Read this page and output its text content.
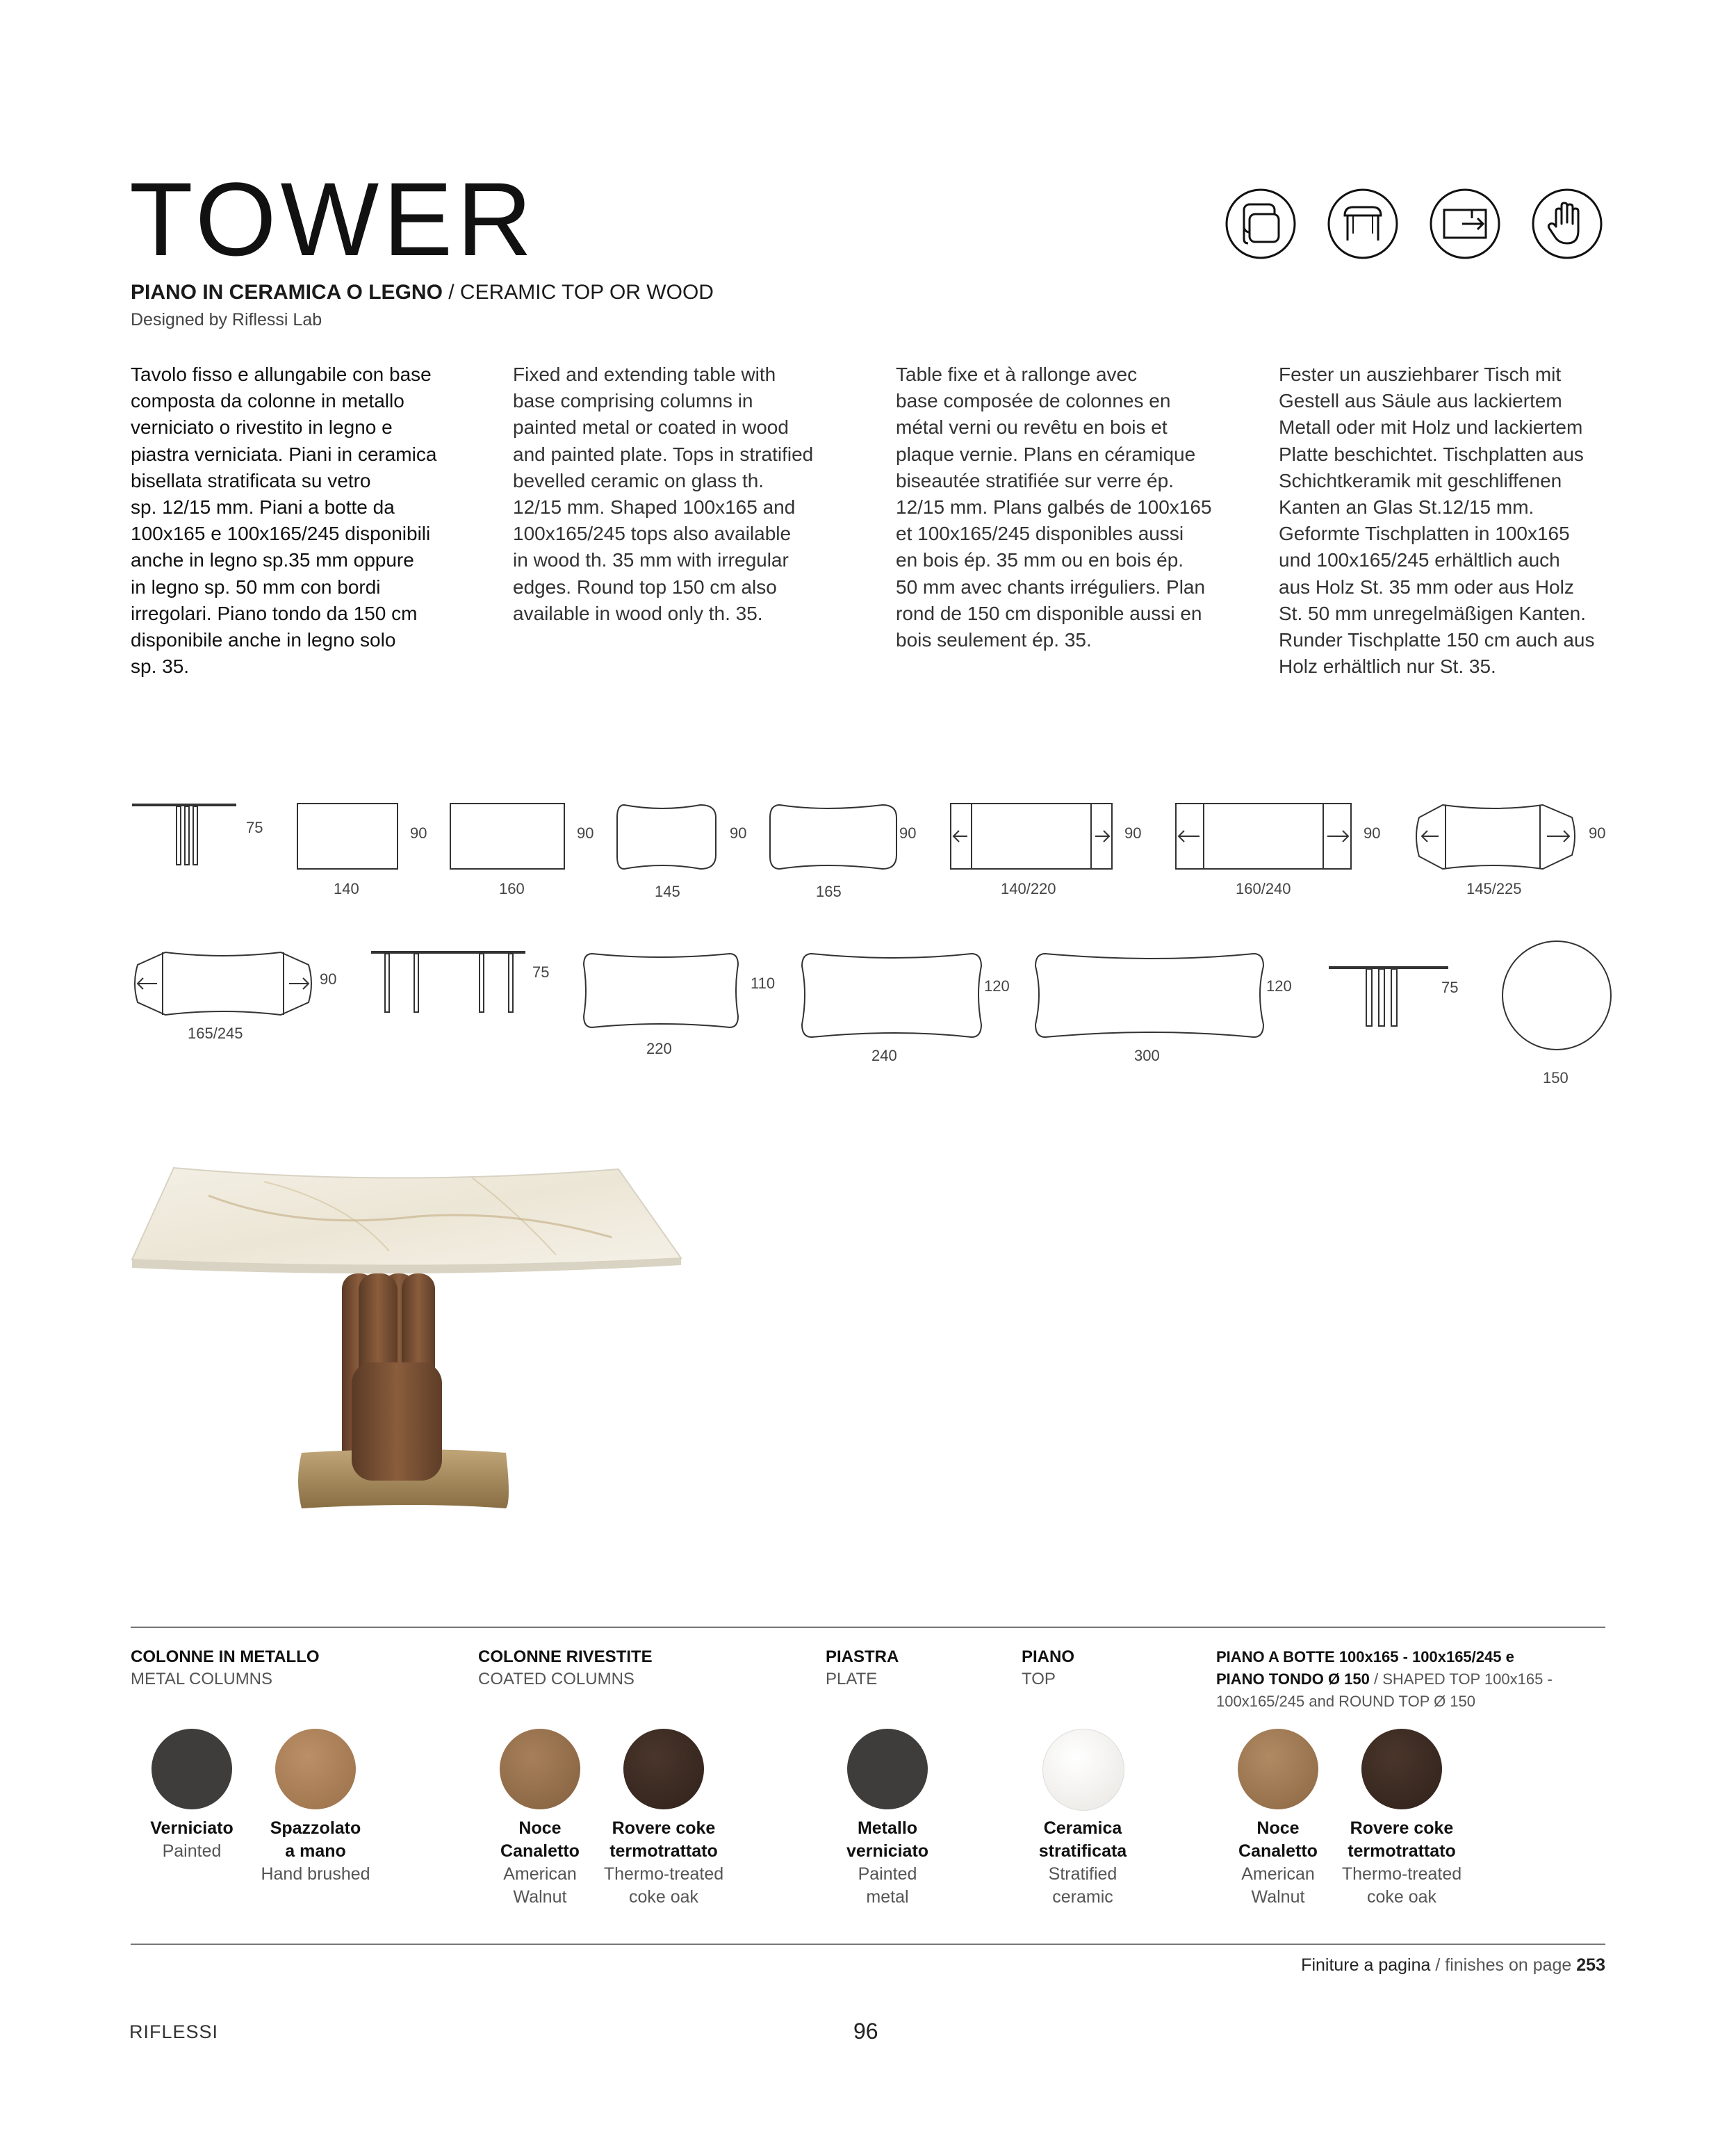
TOWER
PIANO IN CERAMICA O LEGNO / CERAMIC TOP OR WOOD
Designed by Riflessi Lab
Tavolo fisso e allungabile con base
composta da colonne in metallo
verniciato o rivestito in legno e
piastra verniciata. Piani in ceramica
bisellata stratificata su vetro
sp. 12/15 mm. Piani a botte da
100x165 e 100x165/245 disponibili
anche in legno sp.35 mm oppure
in legno sp. 50 mm con bordi
irregolari. Piano tondo da 150 cm
disponibile anche in legno solo
sp. 35.
Fixed and extending table with
base comprising columns in
painted metal or coated in wood
and painted plate. Tops in stratified
bevelled ceramic on glass th.
12/15 mm. Shaped 100x165 and
100x165/245 tops also available
in wood th. 35 mm with irregular
edges. Round top 150 cm also
available in wood only th. 35.
Table fixe et à rallonge avec
base composée de colonnes en
métal verni ou revêtu en bois et
plaque vernie. Plans en céramique
biseautée stratifiée sur verre ép.
12/15 mm. Plans galbés de 100x165
et 100x165/245 disponibles aussi
en bois ép. 35 mm ou en bois ép.
50 mm avec chants irréguliers. Plan
rond de 150 cm disponible aussi en
bois seulement ép. 35.
Fester un ausziehbarer Tisch mit
Gestell aus Säule aus lackiertem
Metall oder mit Holz und lackiertem
Platte beschichtet. Tischplatten aus
Schichtkeramik mit geschliffenen
Kanten an Glas St.12/15 mm.
Geformte Tischplatten in 100x165
und 100x165/245 erhältlich auch
aus Holz St. 35 mm oder aus Holz
St. 50 mm unregelmäßigen Kanten.
Runder Tischplatte 150 cm auch aus
Holz erhältlich nur St. 35.
75	90
140
90
160
90
145
90
165
90
140/220
90
160/240
90
145/225
90
165/245
75
110
220
120
240
120
300
75
150
COLONNE IN METALLO
METAL COLUMNS
COLONNE RIVESTITE
COATED COLUMNS
PIASTRA
PLATE
PIANO
TOP
PIANO A BOTTE 100x165 - 100x165/245 e
PIANO TONDO Ø 150 / SHAPED TOP 100x165 -
100x165/245 and ROUND TOP Ø 150
Verniciato
Painted
Spazzolato
a mano
Hand brushed
Noce
Canaletto
American
Walnut
Rovere coke
termotrattato
Thermo-treated
coke oak
Metallo
verniciato
Painted
metal
Ceramica
stratificata
Stratified
ceramic
Noce
Canaletto
American
Walnut
Rovere coke
termotrattato
Thermo-treated
coke oak
Finiture a pagina / finishes on page 253
RIFLESSI	96
